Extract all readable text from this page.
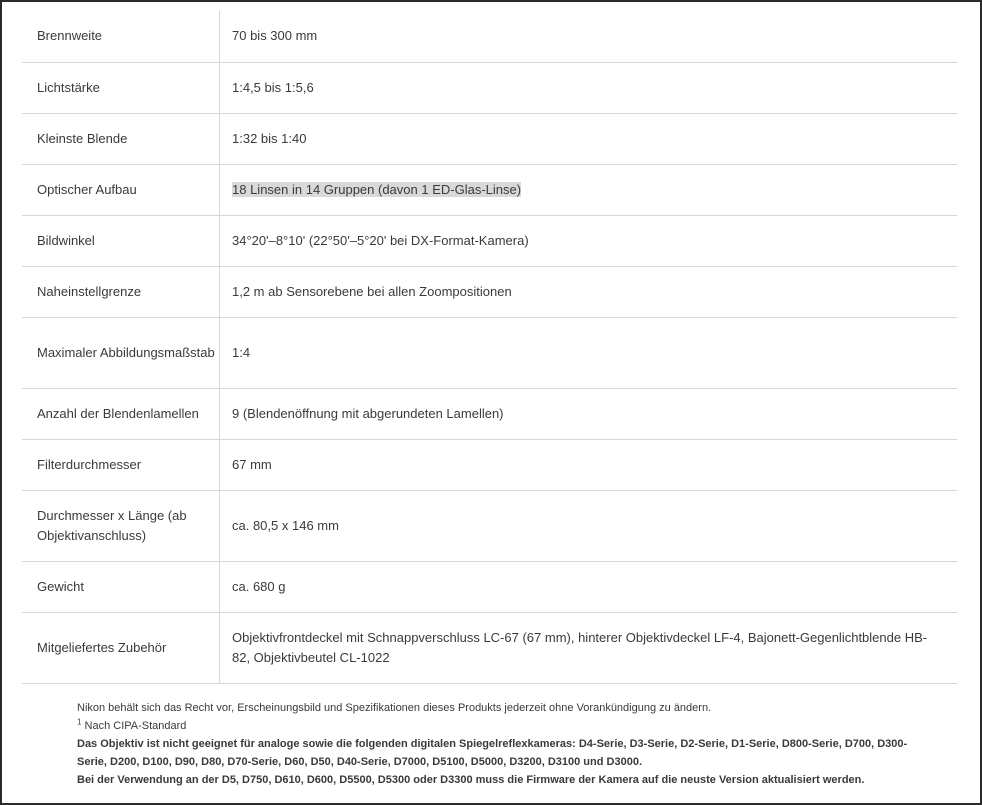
Brennweite	70 bis 300 mm
Lichtstärke	1:4,5 bis 1:5,6
Kleinste Blende	1:32 bis 1:40
Optischer Aufbau	18 Linsen in 14 Gruppen (davon 1 ED-Glas-Linse)
Bildwinkel	34°20'–8°10' (22°50'–5°20' bei DX-Format-Kamera)
Naheinstellgrenze	1,2 m ab Sensorebene bei allen Zoompositionen
Maximaler Abbildungsmaßstab	1:4
Anzahl der Blendenlamellen	9 (Blendenöffnung mit abgerundeten Lamellen)
Filterdurchmesser	67 mm
Durchmesser x Länge (ab Objektivanschluss)	ca. 80,5 x 146 mm
Gewicht	ca. 680 g
Mitgeliefertes Zubehör	Objektivfrontdeckel mit Schnappverschluss LC-67 (67 mm), hinterer Objektivdeckel LF-4, Bajonett-Gegenlichtblende HB-82, Objektivbeutel CL-1022
Nikon behält sich das Recht vor, Erscheinungsbild und Spezifikationen dieses Produkts jederzeit ohne Vorankündigung zu ändern.
$^1$ Nach CIPA-Standard
Das Objektiv ist nicht geeignet für analoge sowie die folgenden digitalen Spiegelreflexkameras: D4-Serie, D3-Serie, D2-Serie, D1-Serie, D800-Serie, D700, D300-Serie, D200, D100, D90, D80, D70-Serie, D60, D50, D40-Serie, D7000, D5100, D5000, D3200, D3100 und D3000.
Bei der Verwendung an der D5, D750, D610, D600, D5500, D5300 oder D3300 muss die Firmware der Kamera auf die neuste Version aktualisiert werden.
